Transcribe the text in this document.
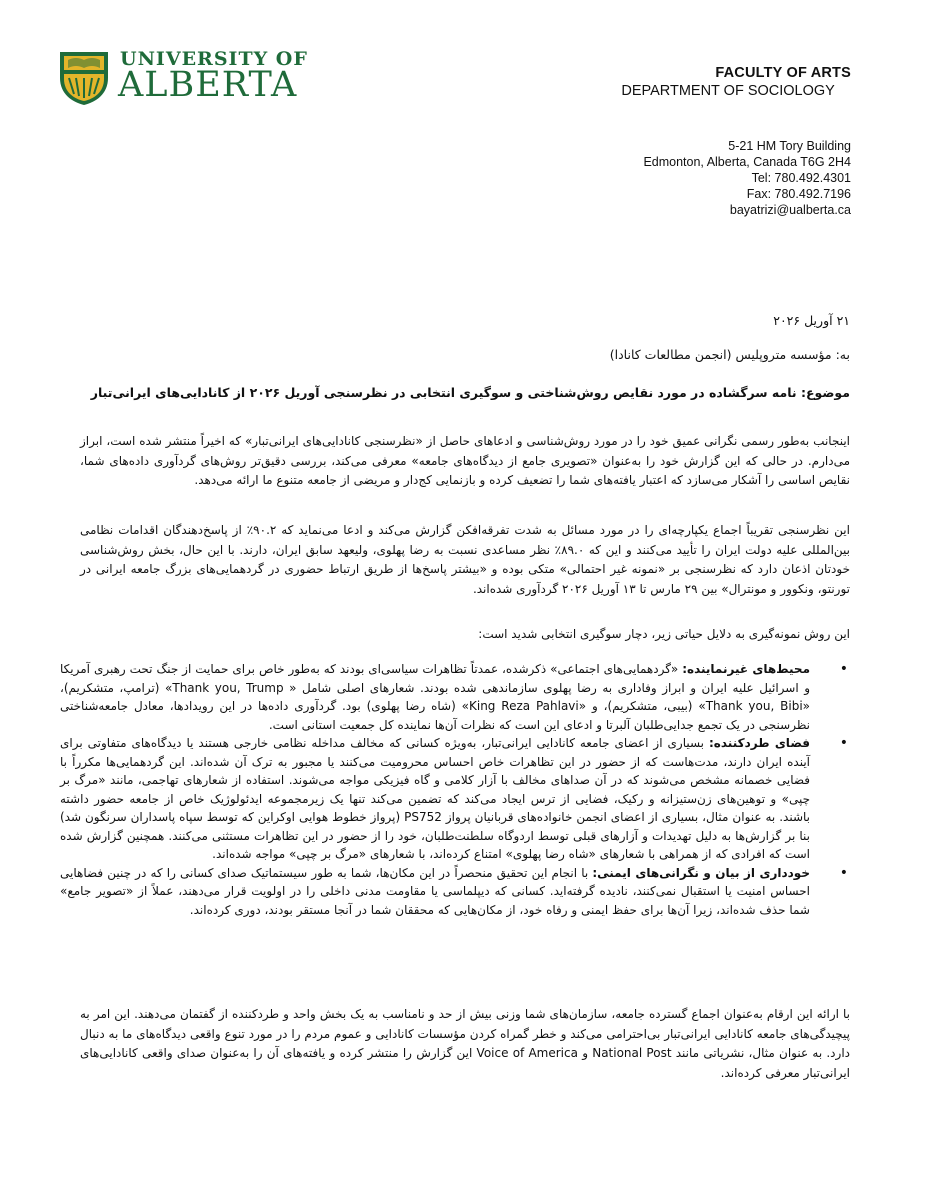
UNIVERSITY OF
ALBERTA	FACULTY OF ARTS
DEPARTMENT OF SOCIOLOGY
5-21 HM Tory Building
Edmonton, Alberta, Canada T6G 2H4
Tel: 780.492.4301
Fax: 780.492.7196
bayatrizi@ualberta.ca
۲۱ آوریل ۲۰۲۶
به: مؤسسه متروپلیس (انجمن مطالعات کانادا)
موضوع: نامه سرگشاده در مورد نقایص روش‌شناختی و سوگیری انتخابی در نظرسنجی آوریل ۲۰۲۶ از کانادایی‌های ایرانی‌تبار
اینجانب به‌طور رسمی نگرانی عمیق خود را در مورد روش‌شناسی و ادعاهای حاصل از «نظرسنجی کانادایی‌های ایرانی‌تبار» که اخیراً منتشر شده است، ابراز می‌دارم. در حالی که این گزارش خود را به‌عنوان «تصویری جامع از دیدگاه‌های جامعه» معرفی می‌کند، بررسی دقیق‌تر روش‌های گردآوری داده‌های شما، نقایص اساسی را آشکار می‌سازد که اعتبار یافته‌های شما را تضعیف کرده و بازنمایی کج‌دار و مریضی از جامعه متنوع ما ارائه می‌دهد.
این نظرسنجی تقریباً اجماع یکپارچه‌ای را در مورد مسائل به شدت تفرقه‌افکن گزارش می‌کند و ادعا می‌نماید که ۹۰.۲٪ از پاسخ‌دهندگان اقدامات نظامی بین‌المللی علیه دولت ایران را تأیید می‌کنند و این که ۸۹.۰٪ نظر مساعدی نسبت به رضا پهلوی، ولیعهد سابق ایران، دارند. با این حال، بخش روش‌شناسی خودتان اذعان دارد که نظرسنجی بر «نمونه غیر احتمالی» متکی بوده و «بیشتر پاسخ‌ها از طریق ارتباط حضوری در گردهمایی‌های بزرگ جامعه ایرانی در تورنتو، ونکوور و مونترال» بین ۲۹ مارس تا ۱۳ آوریل ۲۰۲۶ گردآوری شده‌اند.
این روش نمونه‌گیری به دلایل حیاتی زیر، دچار سوگیری انتخابی شدید است:
•
محیط‌های غیرنماینده: «گردهمایی‌های اجتماعی» ذکرشده، عمدتاً تظاهرات سیاسی‌ای بودند که به‌طور خاص برای حمایت از جنگ تحت رهبری آمریکا و اسرائیل علیه ایران و ابراز وفاداری به رضا پهلوی سازماندهی شده بودند. شعارهای اصلی شامل « Thank you, Trump» (ترامپ، متشکریم)، «Thank you, Bibi» (بیبی، متشکریم)، و «King Reza Pahlavi» (شاه رضا پهلوی) بود. گردآوری داده‌ها در این رویدادها، معادل جامعه‌شناختی نظرسنجی در یک تجمع جدایی‌طلبان آلبرتا و ادعای این است که نظرات آن‌ها نماینده کل جمعیت استانی است.
•
فضای طردکننده: بسیاری از اعضای جامعه کانادایی ایرانی‌تبار، به‌ویژه کسانی که مخالف مداخله نظامی خارجی هستند یا دیدگاه‌های متفاوتی برای آینده ایران دارند، مدت‌هاست که از حضور در این تظاهرات خاص احساس محرومیت می‌کنند یا مجبور به ترک آن شده‌اند. این گردهمایی‌ها مکرراً با فضایی خصمانه مشخص می‌شوند که در آن صداهای مخالف با آزار کلامی و گاه فیزیکی مواجه می‌شوند. استفاده از شعارهای تهاجمی، مانند «مرگ بر چپی» و توهین‌های زن‌ستیزانه و رکیک، فضایی از ترس ایجاد می‌کند که تضمین می‌کند تنها یک زیرمجموعه ایدئولوژیک خاص از جامعه حضور داشته باشند. به عنوان مثال، بسیاری از اعضای انجمن خانواده‌های قربانیان پرواز PS752 (پرواز خطوط هوایی اوکراین که توسط سپاه پاسداران سرنگون شد) بنا بر گزارش‌ها به دلیل تهدیدات و آزارهای قبلی توسط اردوگاه سلطنت‌طلبان، خود را از حضور در این تظاهرات مستثنی می‌کنند. همچنین گزارش شده است که افرادی که از همراهی با شعارهای «شاه رضا پهلوی» امتناع کرده‌اند، با شعارهای «مرگ بر چپی» مواجه شده‌اند.
•
خودداری از بیان و نگرانی‌های ایمنی: با انجام این تحقیق منحصراً در این مکان‌ها، شما به طور سیستماتیک صدای کسانی را که در چنین فضاهایی احساس امنیت یا استقبال نمی‌کنند، نادیده گرفته‌اید. کسانی که دیپلماسی یا مقاومت مدنی داخلی را در اولویت قرار می‌دهند، عملاً از «تصویر جامع» شما حذف شده‌اند، زیرا آن‌ها برای حفظ ایمنی و رفاه خود، از مکان‌هایی که محققان شما در آنجا مستقر بودند، دوری کرده‌اند.
با ارائه این ارقام به‌عنوان اجماع گسترده جامعه، سازمان‌های شما وزنی بیش از حد و نامناسب به یک بخش واحد و طردکننده از گفتمان می‌دهند. این امر به پیچیدگی‌های جامعه کانادایی ایرانی‌تبار بی‌احترامی می‌کند و خطر گمراه کردن مؤسسات کانادایی و عموم مردم را در مورد تنوع واقعی دیدگاه‌های ما به دنبال دارد. به عنوان مثال، نشریاتی مانند National Post و Voice of America این گزارش را منتشر کرده و یافته‌های آن را به‌عنوان صدای واقعی کانادایی‌های ایرانی‌تبار معرفی کرده‌اند.
